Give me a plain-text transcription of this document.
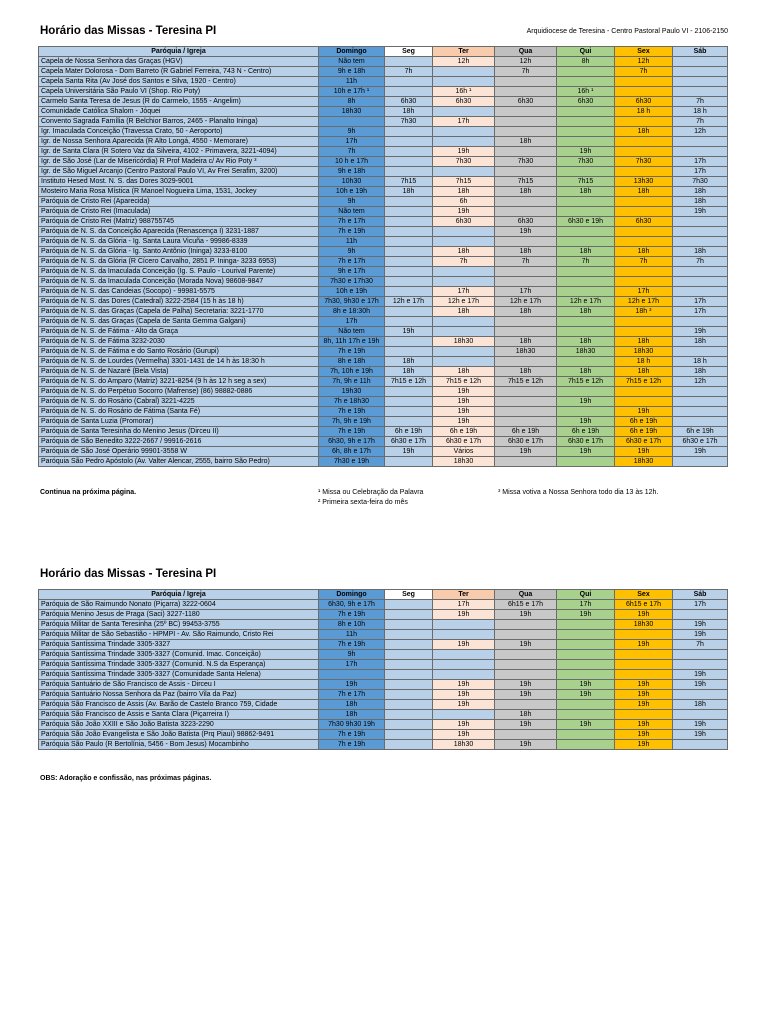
Horário das Missas - Teresina PI	Arquidiocese de Teresina - Centro Pastoral Paulo VI - 2106-2150
Paróquia / Igreja	Domingo	Seg	Ter	Qua	Qui	Sex	Sáb
Capela de Nossa Senhora das Graças (HGV)	Não tem		12h	12h	8h	12h	
Capela Mater Dolorosa - Dom Barreto (R Gabriel Ferreira, 743 N - Centro)	9h e 18h	7h		7h		7h	
Capela Santa Rita (Av José dos Santos e Silva, 1920 - Centro)	11h						
Capela Universitária São Paulo VI (Shop. Rio Poty)	10h e 17h ¹		16h ¹		16h ¹		
Carmelo Santa Teresa de Jesus (R do Carmelo, 1555 - Angelim)	8h	6h30	6h30	6h30	6h30	6h30	7h
Comunidade Católica Shalom - Jóquei	18h30	18h				18 h	18 h
Convento Sagrada Família (R Belchior Barros, 2465 - Planalto Ininga)		7h30	17h				7h
Igr. Imaculada Conceição (Travessa Crato, 50 - Aeroporto)	9h					18h	12h
Igr. de Nossa Senhora Aparecida (R Alto Longá, 4550 - Memorare)	17h			18h			
Igr. de Santa Clara (R Sotero Vaz da Silveira, 4102 - Primavera, 3221-4094)	7h		19h		19h		
Igr. de São José (Lar de Misericórdia) R Prof Madeira c/ Av Rio Poty ³	10 h e 17h		7h30	7h30	7h30	7h30	17h
Igr. de São Miguel Arcanjo (Centro Pastoral Paulo VI, Av Frei Serafim, 3200)	9h e 18h						17h
Instituto Hesed Most. N. S. das Dores 3029-9001	10h30	7h15	7h15	7h15	7h15	13h30	7h30
Mosteiro Maria Rosa Mística (R Manoel Nogueira Lima, 1531, Jockey	10h e 19h	18h	18h	18h	18h	18h	18h
Paróquia de Cristo Rei (Aparecida)	9h		6h				18h
Paróquia de Cristo Rei (Imaculada)	Não tem		19h				19h
Paróquia de Cristo Rei (Matriz) 988755745	7h e 17h		6h30	6h30	6h30 e 19h	6h30	
Paróquia de N. S. da Conceição Aparecida (Renascença I) 3231-1887	7h e 19h			19h			
Paróquia de N. S. da Glória - Ig. Santa Laura Vicuña - 99986-8339	11h						
Paróquia de N. S. da Glória - Ig. Santo Antônio (Ininga) 3233-8100	9h		18h	18h	18h	18h	18h
Paróquia de N. S. da Glória (R Cícero Carvalho, 2851 P. Ininga- 3233 6953)	7h e 17h		7h	7h	7h	7h	7h
Paróquia de N. S. da Imaculada Conceição (Ig. S. Paulo - Lourival Parente)	9h e 17h						
Paróquia de N. S. da Imaculada Conceição (Morada Nova) 98608-9847	7h30 e 17h30						
Paróquia de N. S. das Candeias (Socopo) - 99981-5575	10h e 19h		17h	17h		17h	
Paróquia de N. S. das Dores (Catedral) 3222-2584 (15 h às 18 h)	7h30, 9h30 e 17h	12h e 17h	12h e 17h	12h e 17h	12h e 17h	12h e 17h	17h
Paróquia de N. S. das Graças (Capela de Palha) Secretaria: 3221-1770	8h e 18:30h		18h	18h	18h	18h ³	17h
Paróquia de N. S. das Graças (Capela de Santa Gemma Galgani)	17h						
Paróquia de N. S. de Fátima - Alto da Graça	Não tem	19h					19h
Paróquia de N. S. de Fátima 3232-2030	8h, 11h 17h e 19h		18h30	18h	18h	18h	18h
Paróquia de N. S. de Fátima e do Santo Rosário (Gurupi)	7h e 19h			18h30	18h30	18h30	
Paróquia de N. S. de Lourdes (Vermelha) 3301-1431 de 14 h às 18:30 h	8h e 18h	18h				18 h	18 h
Paróquia de N. S. de Nazaré (Bela Vista)	7h, 10h e 19h	18h	18h	18h	18h	18h	18h
Paróquia de N. S. do Amparo (Matriz) 3221-8254 (9 h às 12 h seg a sex)	7h, 9h e 11h	7h15 e 12h	7h15 e 12h	7h15 e 12h	7h15 e 12h	7h15 e 12h	12h
Paróquia de N. S. do Perpétuo Socorro (Mafrense) (86) 98882-0886	19h30		19h				
Paróquia de N. S. do Rosário (Cabral) 3221-4225	7h e 18h30		19h		19h		
Paróquia de N. S. do Rosário de Fátima (Santa Fé)	7h e 19h		19h			19h	
Paróquia de Santa Luzia (Promorar)	7h, 9h e 19h		19h		19h	6h e 19h	
Paróquia de Santa Teresinha do Menino Jesus (Dirceu II)	7h e 19h	6h e 19h	6h e 19h	6h e 19h	6h e 19h	6h e 19h	6h e 19h
Paróquia de São Benedito 3222-2667 / 99916-2616	6h30, 9h e 17h	6h30 e 17h	6h30 e 17h	6h30 e 17h	6h30 e 17h	6h30 e 17h	6h30 e 17h
Paróquia de São José Operário 99901-3558 W	6h, 8h e 17h	19h	Vários	19h	19h	19h	19h
Paróquia São Pedro Apóstolo (Av. Valter Alencar, 2555, bairro São Pedro)	7h30 e 19h		18h30			18h30	
Continua na próxima página.	¹ Missa ou Celebração da Palavra
² Primeira sexta-feira do mês
³ Missa votiva a Nossa Senhora todo dia 13 às 12h.
Horário das Missas - Teresina PI
Paróquia / Igreja	Domingo	Seg	Ter	Qua	Qui	Sex	Sáb
Paróquia de São Raimundo Nonato (Piçarra) 3222-0604	6h30, 9h e 17h		17h	6h15 e 17h	17h	6h15 e 17h	17h
Paróquia Menino Jesus de Praga (Saci) 3227-1180	7h e 19h		19h	19h	19h	19h	
Paróquia Militar de Santa Teresinha (25º BC) 99453-3755	8h e 10h					18h30	19h
Paróquia Militar de São Sebastião - HPMPI - Av. São Raimundo, Cristo Rei	11h						19h
Paróquia Santíssima Trindade 3305-3327	7h e 19h		19h	19h		19h	7h
Paróquia Santíssima Trindade 3305-3327 (Comunid. Imac. Conceição)	9h						
Paróquia Santíssima Trindade 3305-3327 (Comunid. N.S da Esperança)	17h						
Paróquia Santíssima Trindade 3305-3327 (Comunidade Santa Helena)							19h
Paróquia Santuário de São Francisco de Assis - Dirceu I	19h		19h	19h	19h	19h	19h
Paróquia Santuário Nossa Senhora da Paz (bairro Vila da Paz)	7h e 17h		19h	19h	19h	19h	
Paróquia São Francisco de Assis (Av. Barão de Castelo Branco 759, Cidade	18h		19h			19h	18h
Paróquia São Francisco de Assis e Santa Clara (Piçarreira I)	18h			18h			
Paróquia São João XXIII e São João Batista 3223-2290	7h30 9h30 19h		19h	19h	19h	19h	19h
Paróquia São João Evangelista e São João Batista (Prq Piauí) 98862-9491	7h e 19h		19h			19h	19h
Paróquia São Paulo (R Bertolínia, 5456 - Bom Jesus) Mocambinho	7h e 19h		18h30	19h		19h	
OBS: Adoração e confissão, nas próximas páginas.
